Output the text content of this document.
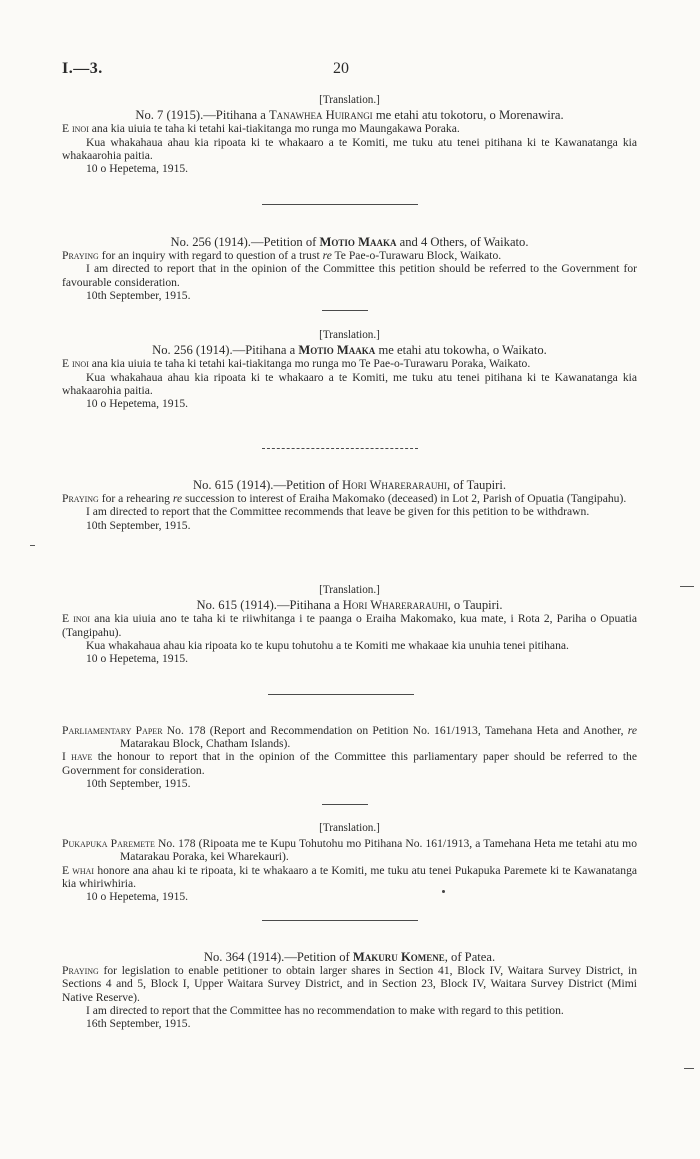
I.—3.	20

[Translation.]

No. 7 (1915).—Pitihana a Tanawhea Huirangi me etahi atu tokotoru, o Morenawira.

E inoi ana kia uiuia te taha ki tetahi kai-tiakitanga mo runga mo Maungakawa Poraka.

Kua whakahaua ahau kia ripoata ki te whakaaro a te Komiti, me tuku atu tenei pitihana ki te Kawanatanga kia whakaarohia paitia.

10 o Hepetema, 1915.

No. 256 (1914).—Petition of Motio Maaka and 4 Others, of Waikato.

Praying for an inquiry with regard to question of a trust re Te Pae-o-Turawaru Block, Waikato.

I am directed to report that in the opinion of the Committee this petition should be referred to the Government for favourable consideration.

10th September, 1915.

[Translation.]

No. 256 (1914).—Pitihana a Motio Maaka me etahi atu tokowha, o Waikato.

E inoi ana kia uiuia te taha ki tetahi kai-tiakitanga mo runga mo Te Pae-o-Turawaru Poraka, Waikato.

Kua whakahaua ahau kia ripoata ki te whakaaro a te Komiti, me tuku atu tenei pitihana ki te Kawanatanga kia whakaarohia paitia.

10 o Hepetema, 1915.

No. 615 (1914).—Petition of Hori Wharerarauhi, of Taupiri.

Praying for a rehearing re succession to interest of Eraiha Makomako (deceased) in Lot 2, Parish of Opuatia (Tangipahu).

I am directed to report that the Committee recommends that leave be given for this petition to be withdrawn.

10th September, 1915.

[Translation.]

No. 615 (1914).—Pitihana a Hori Wharerarauhi, o Taupiri.

E inoi ana kia uiuia ano te taha ki te riiwhitanga i te paanga o Eraiha Makomako, kua mate, i Rota 2, Pariha o Opuatia (Tangipahu).

Kua whakahaua ahau kia ripoata ko te kupu tohutohu a te Komiti me whakaae kia unuhia tenei pitihana.

10 o Hepetema, 1915.

Parliamentary Paper No. 178 (Report and Recommendation on Petition No. 161/1913, Tamehana Heta and Another, re Matarakau Block, Chatham Islands).

I have the honour to report that in the opinion of the Committee this parliamentary paper should be referred to the Government for consideration.

10th September, 1915.

[Translation.]

Pukapuka Paremete No. 178 (Ripoata me te Kupu Tohutohu mo Pitihana No. 161/1913, a Tamehana Heta me tetahi atu mo Matarakau Poraka, kei Wharekauri).

E whai honore ana ahau ki te ripoata, ki te whakaaro a te Komiti, me tuku atu tenei Pukapuka Paremete ki te Kawanatanga kia whiriwhiria.

10 o Hepetema, 1915.

No. 364 (1914).—Petition of Makuru Komene, of Patea.

Praying for legislation to enable petitioner to obtain larger shares in Section 41, Block IV, Waitara Survey District, in Sections 4 and 5, Block I, Upper Waitara Survey District, and in Section 23, Block IV, Waitara Survey District (Mimi Native Reserve).

I am directed to report that the Committee has no recommendation to make with regard to this petition.

16th September, 1915.
